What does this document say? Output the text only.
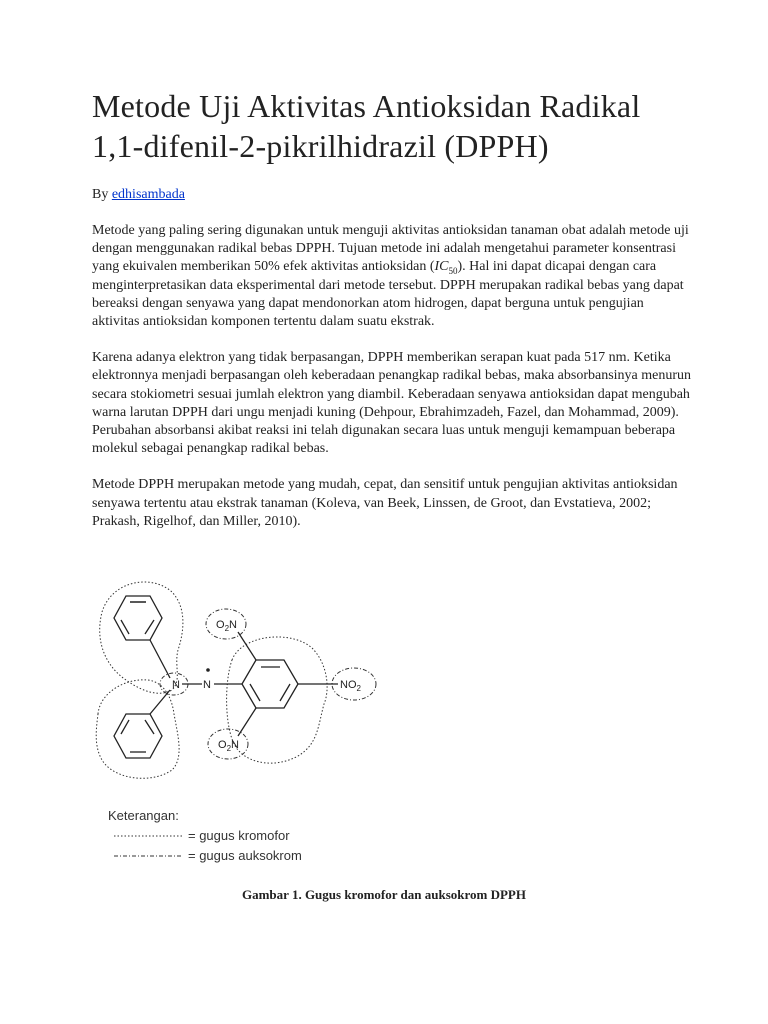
Metode Uji Aktivitas Antioksidan Radikal 1,1-difenil-2-pikrilhidrazil (DPPH)
By edhisambada

Metode yang paling sering digunakan untuk menguji aktivitas antioksidan tanaman obat adalah metode uji dengan menggunakan radikal bebas DPPH. Tujuan metode ini adalah mengetahui parameter konsentrasi yang ekuivalen memberikan 50% efek aktivitas antioksidan $(IC_{50})$. Hal ini dapat dicapai dengan cara menginterpretasikan data eksperimental dari metode tersebut. DPPH merupakan radikal bebas yang dapat bereaksi dengan senyawa yang dapat mendonorkan atom hidrogen, dapat berguna untuk pengujian aktivitas antioksidan komponen tertentu dalam suatu ekstrak.

Karena adanya elektron yang tidak berpasangan, DPPH memberikan serapan kuat pada 517 nm. Ketika elektronnya menjadi berpasangan oleh keberadaan penangkap radikal bebas, maka absorbansinya menurun secara stokiometri sesuai jumlah elektron yang diambil. Keberadaan senyawa antioksidan dapat mengubah warna larutan DPPH dari ungu menjadi kuning (Dehpour, Ebrahimzadeh, Fazel, dan Mohammad, 2009). Perubahan absorbansi akibat reaksi ini telah digunakan secara luas untuk menguji kemampuan beberapa molekul sebagai penangkap radikal bebas.

Metode DPPH merupakan metode yang mudah, cepat, dan sensitif untuk pengujian aktivitas antioksidan senyawa tertentu atau ekstrak tanaman (Koleva, van Beek, Linssen, de Groot, dan Evstatieva, 2002; Prakash, Rigelhof, dan Miller, 2010).

N N
$O_2N$
$O_2N$
$NO_2$
Keterangan:
= gugus kromofor
= gugus auksokrom
Gambar 1. Gugus kromofor dan auksokrom DPPH
